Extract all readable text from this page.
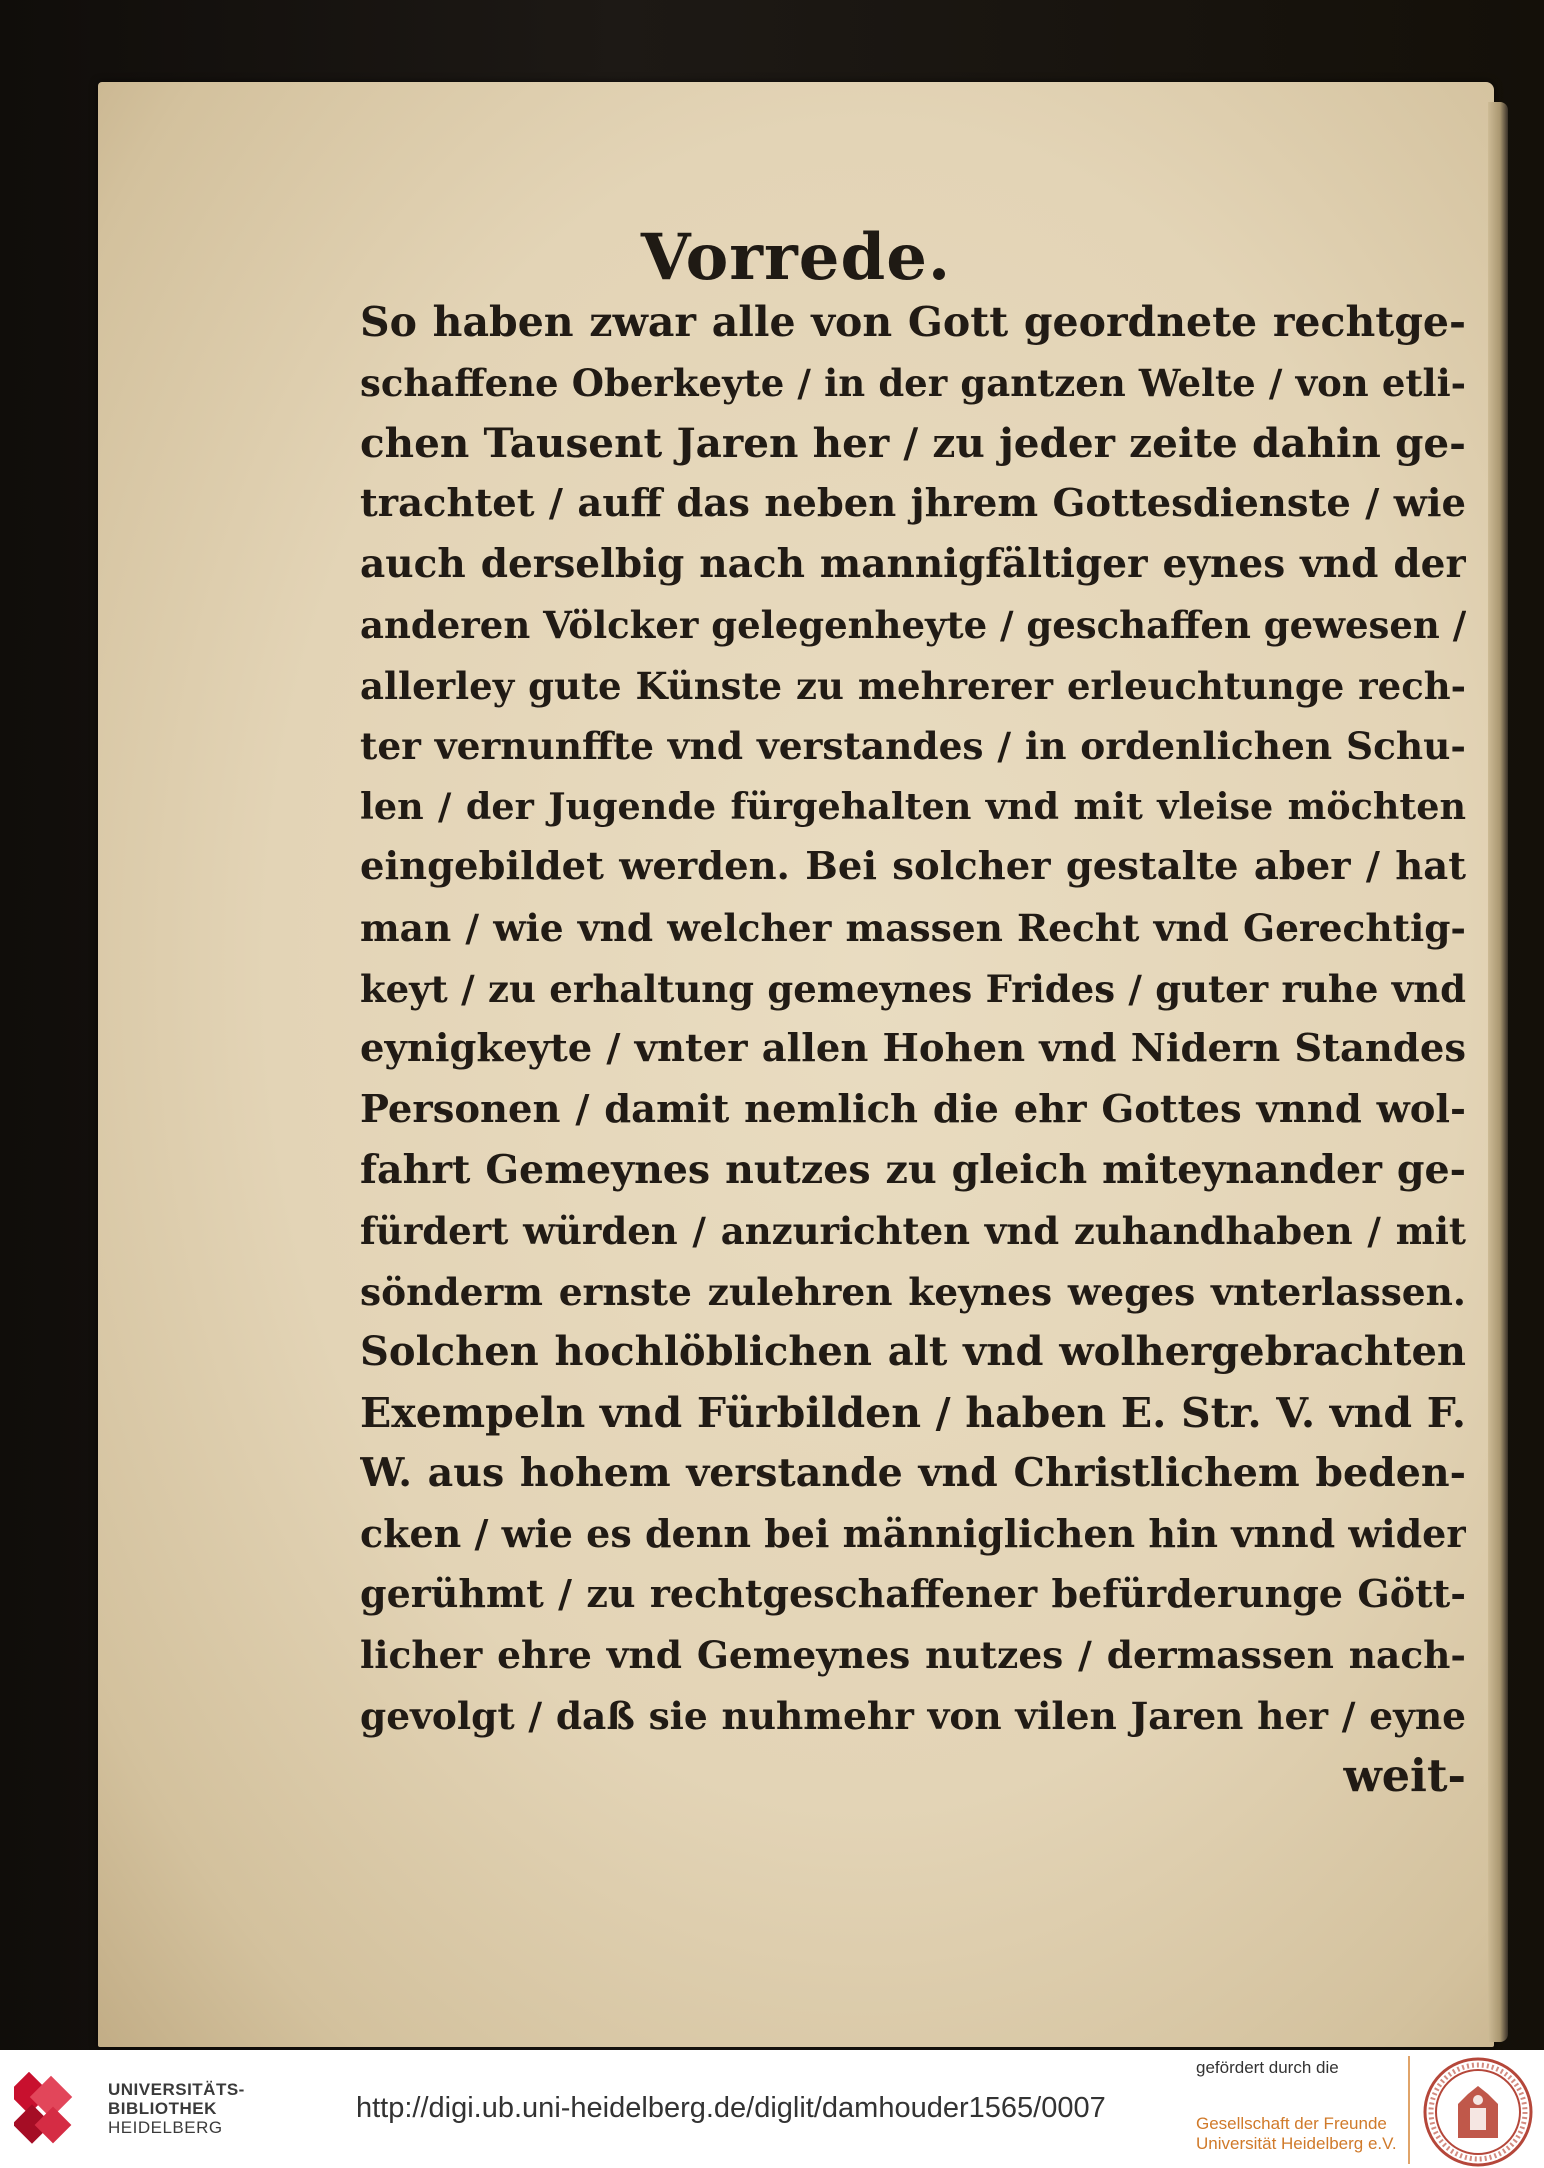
Vorrede.
So haben zwar alle von Gott geordnete rechtge-
schaffene Oberkeyte / in der gantzen Welte / von etli-
chen Tausent Jaren her / zu jeder zeite dahin ge-
trachtet / auff das neben jhrem Gottesdienste / wie
auch derselbig nach mannigfältiger eynes vnd der
anderen Völcker gelegenheyte / geschaffen gewesen /
allerley gute Künste zu mehrerer erleuchtunge rech-
ter vernunffte vnd verstandes / in ordenlichen Schu-
len / der Jugende fürgehalten vnd mit vleise möchten
eingebildet werden. Bei solcher gestalte aber / hat
man / wie vnd welcher massen Recht vnd Gerechtig-
keyt / zu erhaltung gemeynes Frides / guter ruhe vnd
eynigkeyte / vnter allen Hohen vnd Nidern Standes
Personen / damit nemlich die ehr Gottes vnnd wol-
fahrt Gemeynes nutzes zu gleich miteynander ge-
fürdert würden / anzurichten vnd zuhandhaben / mit
sönderm ernste zulehren keynes weges vnterlassen.
Solchen hochlöblichen alt vnd wolhergebrachten
Exempeln vnd Fürbilden / haben E. Str. V. vnd F.
W. aus hohem verstande vnd Christlichem beden-
cken / wie es denn bei männiglichen hin vnnd wider
gerühmt / zu rechtgeschaffener befürderunge Gött-
licher ehre vnd Gemeynes nutzes / dermassen nach-
gevolgt / daß sie nuhmehr von vilen Jaren her / eyne
weit-
UNIVERSITÄTS-
BIBLIOTHEK
HEIDELBERG
http://digi.ub.uni-heidelberg.de/diglit/damhouder1565/0007
gefördert durch die
Gesellschaft der Freunde
Universität Heidelberg e.V.
